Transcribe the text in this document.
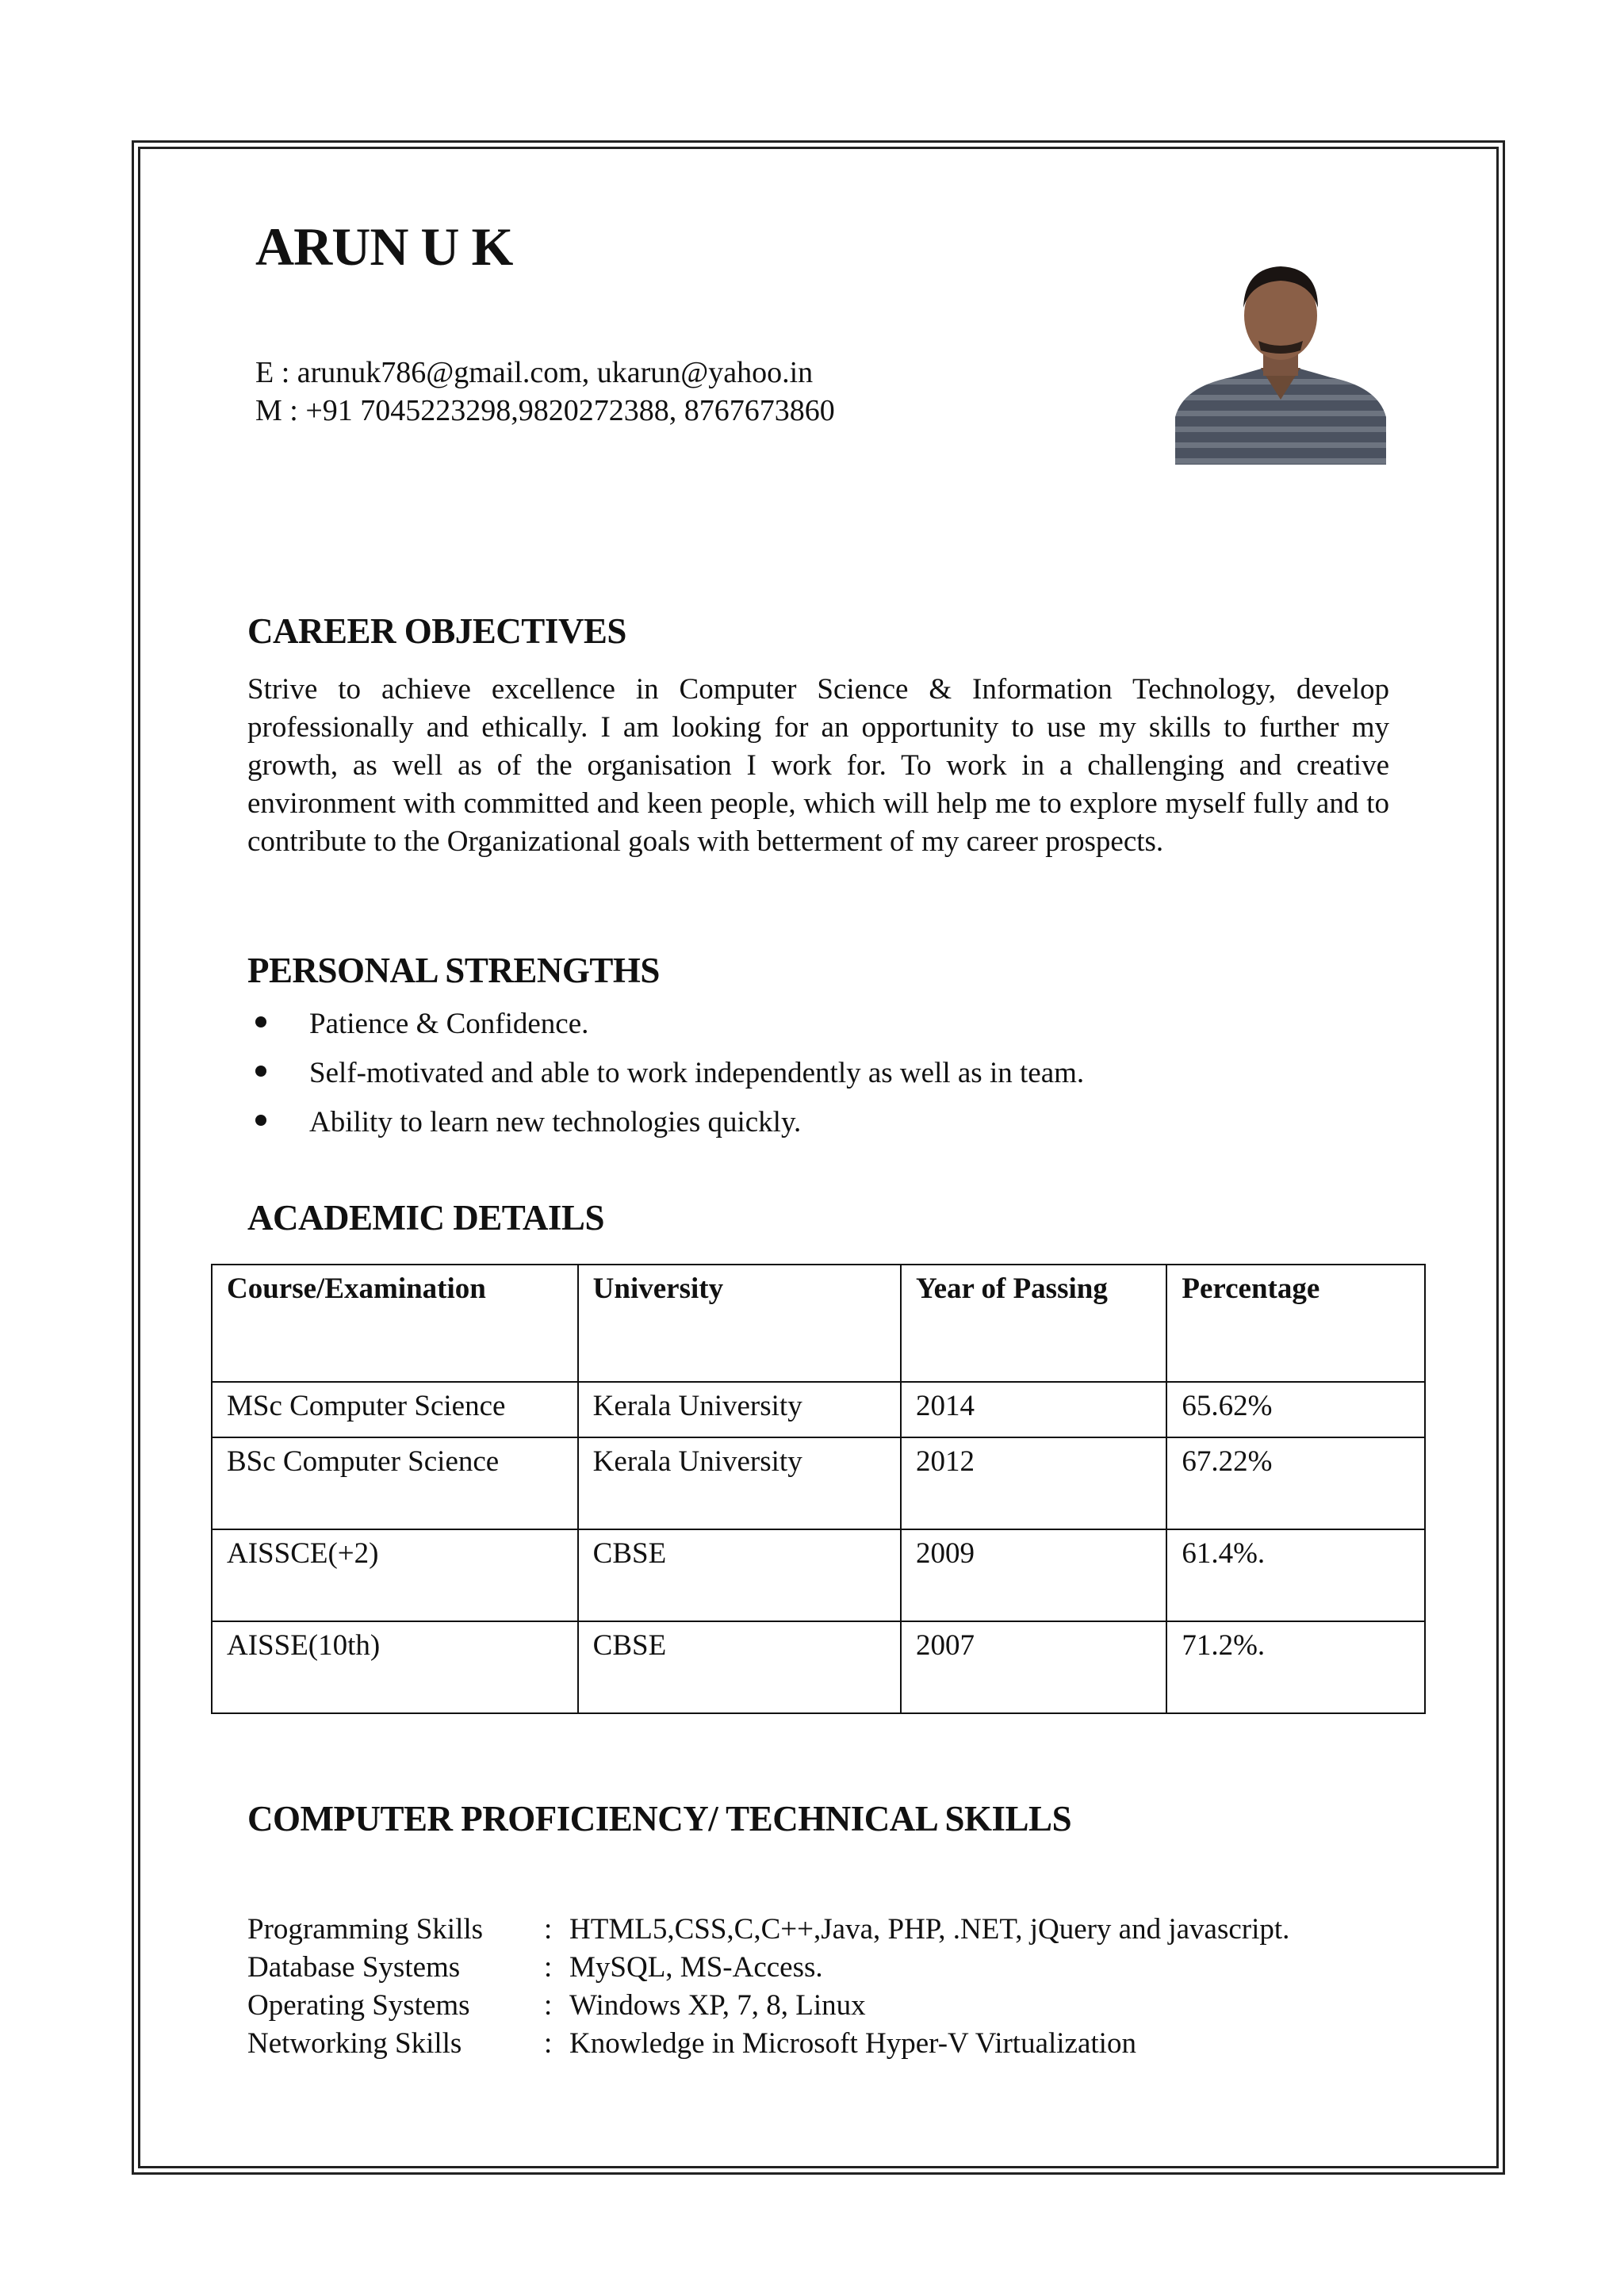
ARUN U K
E : arunuk786@gmail.com, ukarun@yahoo.in
M : +91 7045223298,9820272388, 8767673860
CAREER OBJECTIVES

Strive to achieve excellence in Computer Science & Information Technology, develop professionally and ethically. I am looking for an opportunity to use my skills to further my growth, as well as of the organisation I work for. To work in a challenging and creative environment with committed and keen people, which will help me to explore myself fully and to contribute to the Organizational goals with betterment of my career prospects.

PERSONAL STRENGTHS
Patience & Confidence.
Self-motivated and able to work independently as well as in team.
Ability to learn new technologies quickly.
ACADEMIC DETAILS
Course/Examination	University	Year of Passing	Percentage
MSc Computer Science	Kerala University	2014	65.62%
BSc Computer Science	Kerala University	2012	67.22%
AISSCE(+2)	CBSE	2009	61.4%.
AISSE(10th)	CBSE	2007	71.2%.
COMPUTER PROFICIENCY/ TECHNICAL SKILLS
Programming Skills : HTML5,CSS,C,C++,Java, PHP, .NET, jQuery and javascript.
Database Systems	: MySQL, MS-Access.
Operating Systems	: Windows XP, 7, 8, Linux
Networking Skills	: Knowledge in Microsoft Hyper-V Virtualization
